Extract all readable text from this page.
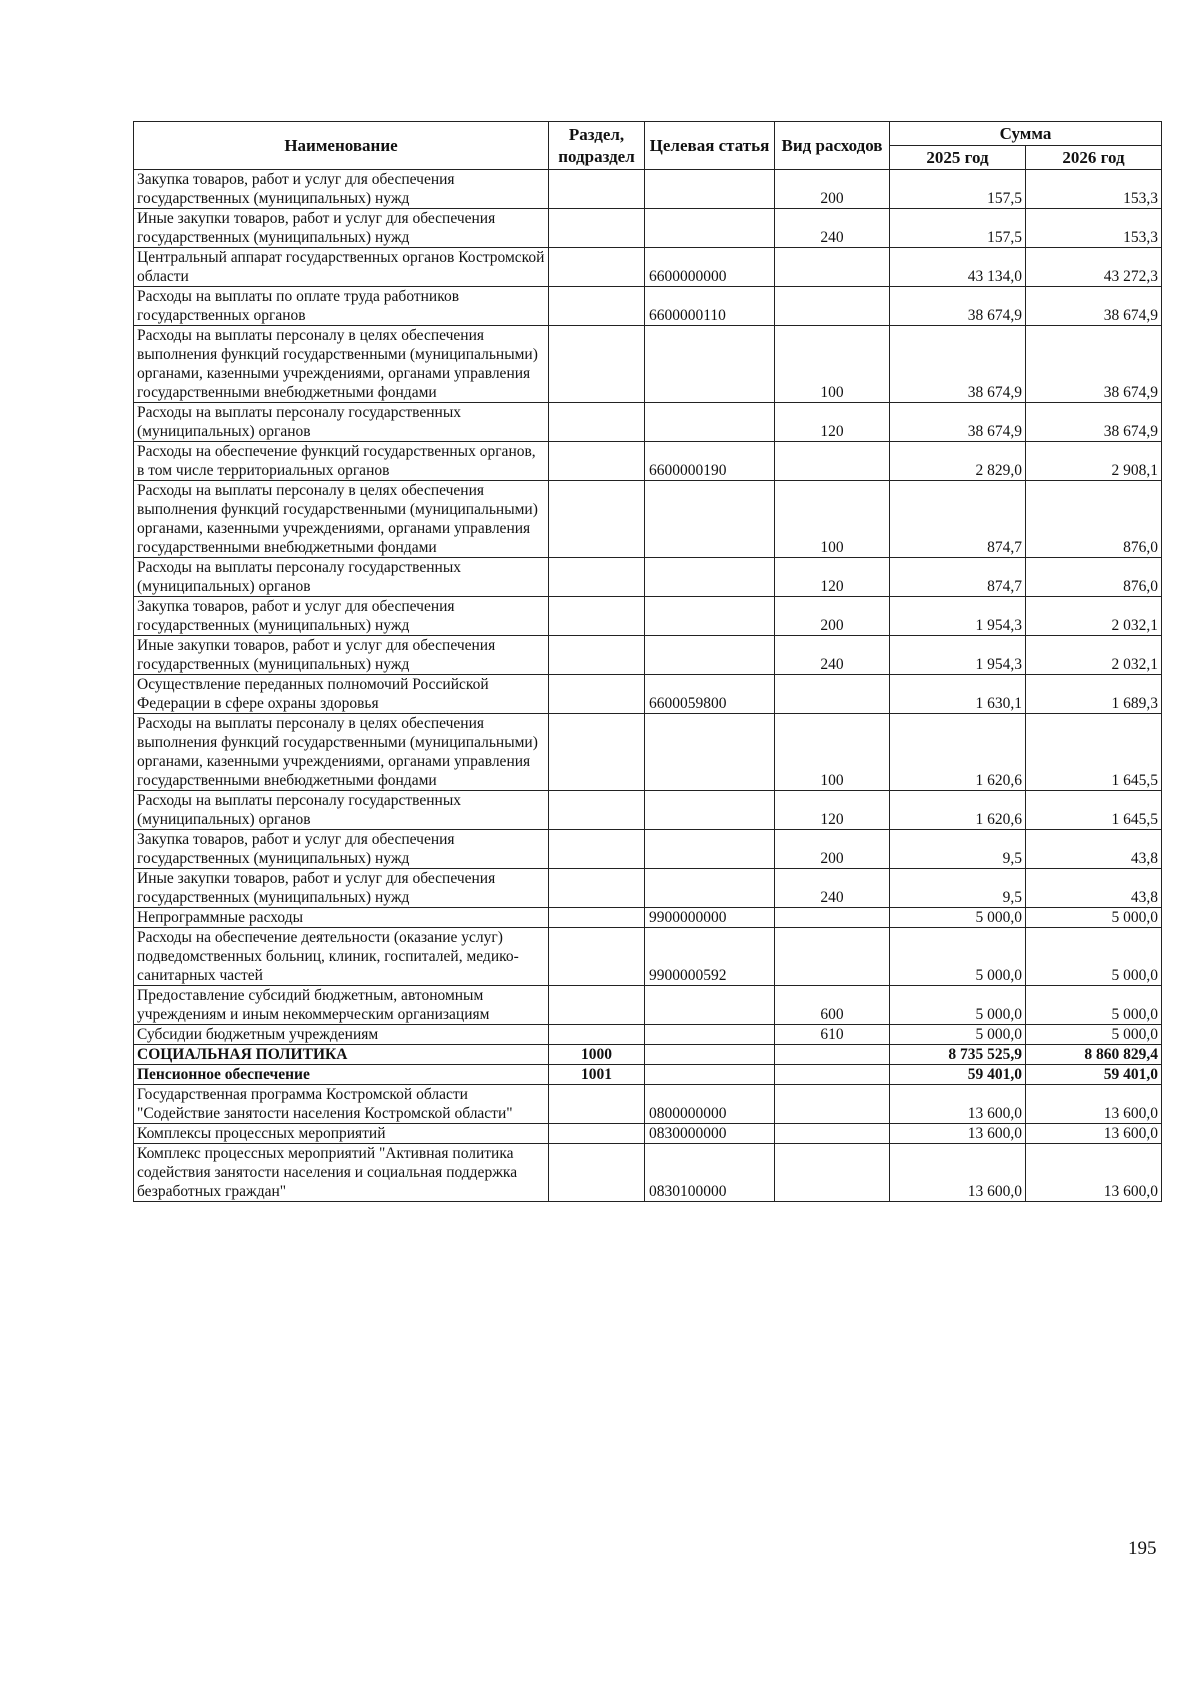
Наименование	Раздел, подраздел	Целевая статья	Вид расходов	Сумма	
				2025 год	2026 год
Закупка товаров, работ и услуг для обеспечения государственных (муниципальных) нужд			200	157,5	153,3
Иные закупки товаров, работ и услуг для обеспечения государственных (муниципальных) нужд			240	157,5	153,3
Центральный аппарат государственных органов Костромской области		6600000000		43 134,0	43 272,3
Расходы на выплаты по оплате труда работников государственных органов		6600000110		38 674,9	38 674,9
Расходы на выплаты персоналу в целях обеспечения выполнения функций государственными (муниципальными) органами, казенными учреждениями, органами управления государственными внебюджетными фондами			100	38 674,9	38 674,9
Расходы на выплаты персоналу государственных (муниципальных) органов			120	38 674,9	38 674,9
Расходы на обеспечение функций государственных органов, в том числе территориальных органов		6600000190		2 829,0	2 908,1
Расходы на выплаты персоналу в целях обеспечения выполнения функций государственными (муниципальными) органами, казенными учреждениями, органами управления государственными внебюджетными фондами			100	874,7	876,0
Расходы на выплаты персоналу государственных (муниципальных) органов			120	874,7	876,0
Закупка товаров, работ и услуг для обеспечения государственных (муниципальных) нужд			200	1 954,3	2 032,1
Иные закупки товаров, работ и услуг для обеспечения государственных (муниципальных) нужд			240	1 954,3	2 032,1
Осуществление переданных полномочий Российской Федерации в сфере охраны здоровья		6600059800		1 630,1	1 689,3
Расходы на выплаты персоналу в целях обеспечения выполнения функций государственными (муниципальными) органами, казенными учреждениями, органами управления государственными внебюджетными фондами			100	1 620,6	1 645,5
Расходы на выплаты персоналу государственных (муниципальных) органов			120	1 620,6	1 645,5
Закупка товаров, работ и услуг для обеспечения государственных (муниципальных) нужд			200	9,5	43,8
Иные закупки товаров, работ и услуг для обеспечения государственных (муниципальных) нужд			240	9,5	43,8
Непрограммные расходы		9900000000		5 000,0	5 000,0
Расходы на обеспечение деятельности (оказание услуг) подведомственных больниц, клиник, госпиталей, медико-санитарных частей		9900000592		5 000,0	5 000,0
Предоставление субсидий бюджетным, автономным учреждениям и иным некоммерческим организациям			600	5 000,0	5 000,0
Субсидии бюджетным учреждениям			610	5 000,0	5 000,0
СОЦИАЛЬНАЯ ПОЛИТИКА	1000			8 735 525,9	8 860 829,4
Пенсионное обеспечение	1001			59 401,0	59 401,0
Государственная программа Костромской области "Содействие занятости населения Костромской области"		0800000000		13 600,0	13 600,0
Комплексы процессных мероприятий		0830000000		13 600,0	13 600,0
Комплекс процессных мероприятий "Активная политика содействия занятости населения и социальная поддержка безработных граждан"		0830100000		13 600,0	13 600,0
195
